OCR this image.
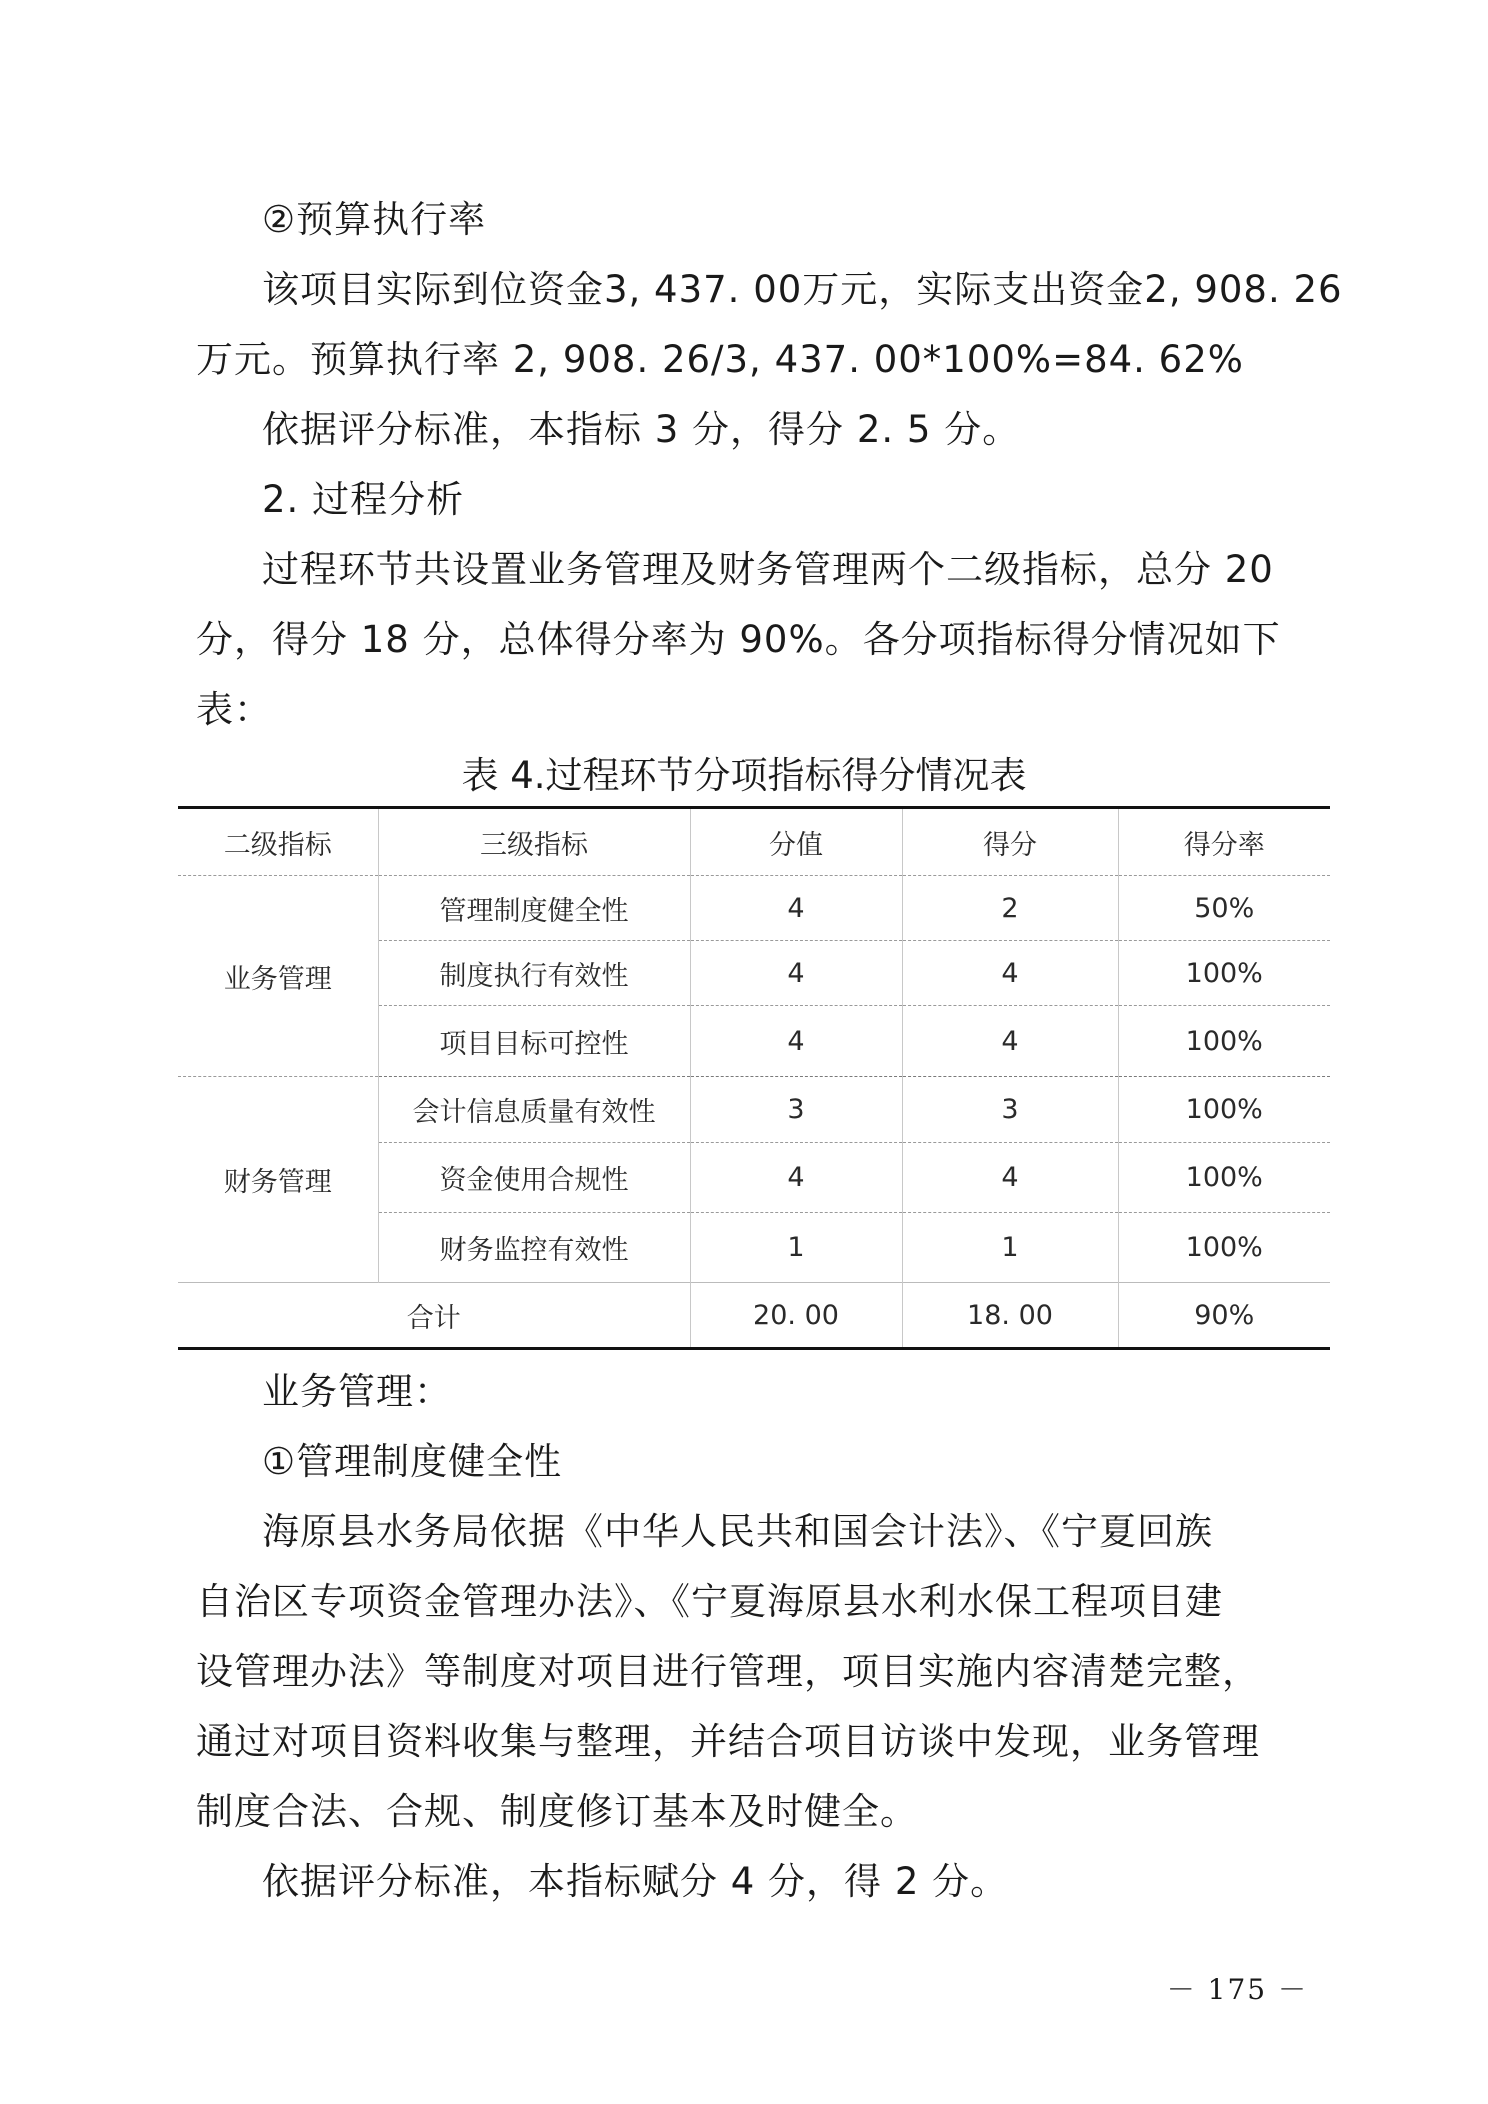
②预算执行率

该项目实际到位资金3, 437. 00万元，实际支出资金2, 908. 26

万元。预算执行率 2, 908. 26/3, 437. 00*100%=84. 62%

依据评分标准，本指标 3 分，得分 2. 5 分。

2. 过程分析

过程环节共设置业务管理及财务管理两个二级指标，总分 20

分，得分 18 分，总体得分率为 90%。各分项指标得分情况如下

表：

表 4.过程环节分项指标得分情况表

二级指标	三级指标	分值	得分	得分率
业务管理	管理制度健全性	4	2	50%
	制度执行有效性	4	4	100%
	项目目标可控性	4	4	100%
财务管理	会计信息质量有效性	3	3	100%
	资金使用合规性	4	4	100%
	财务监控有效性	1	1	100%
合计		20. 00	18. 00	90%

业务管理：

①管理制度健全性

海原县水务局依据《中华人民共和国会计法》、《宁夏回族

自治区专项资金管理办法》、《宁夏海原县水利水保工程项目建

设管理办法》等制度对项目进行管理，项目实施内容清楚完整，

通过对项目资料收集与整理，并结合项目访谈中发现，业务管理

制度合法、合规、制度修订基本及时健全。

依据评分标准，本指标赋分 4 分，得 2 分。

－ 175 －
